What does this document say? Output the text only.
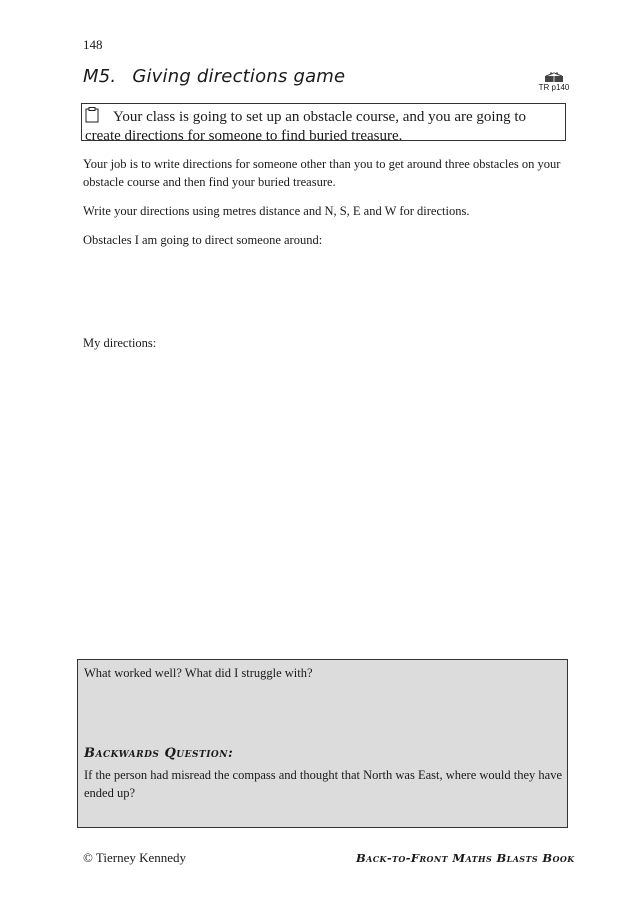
148
M5. Giving directions game
TR p140
Your class is going to set up an obstacle course, and you are going to create directions for someone to find buried treasure.
Your job is to write directions for someone other than you to get around three obstacles on your obstacle course and then find your buried treasure.
Write your directions using metres distance and N, S, E and W for directions.
Obstacles I am going to direct someone around:
My directions:
What worked well? What did I struggle with?
Backwards Question:
If the person had misread the compass and thought that North was East, where would they have ended up?
© Tierney Kennedy	Back-to-Front Maths Blasts Book
